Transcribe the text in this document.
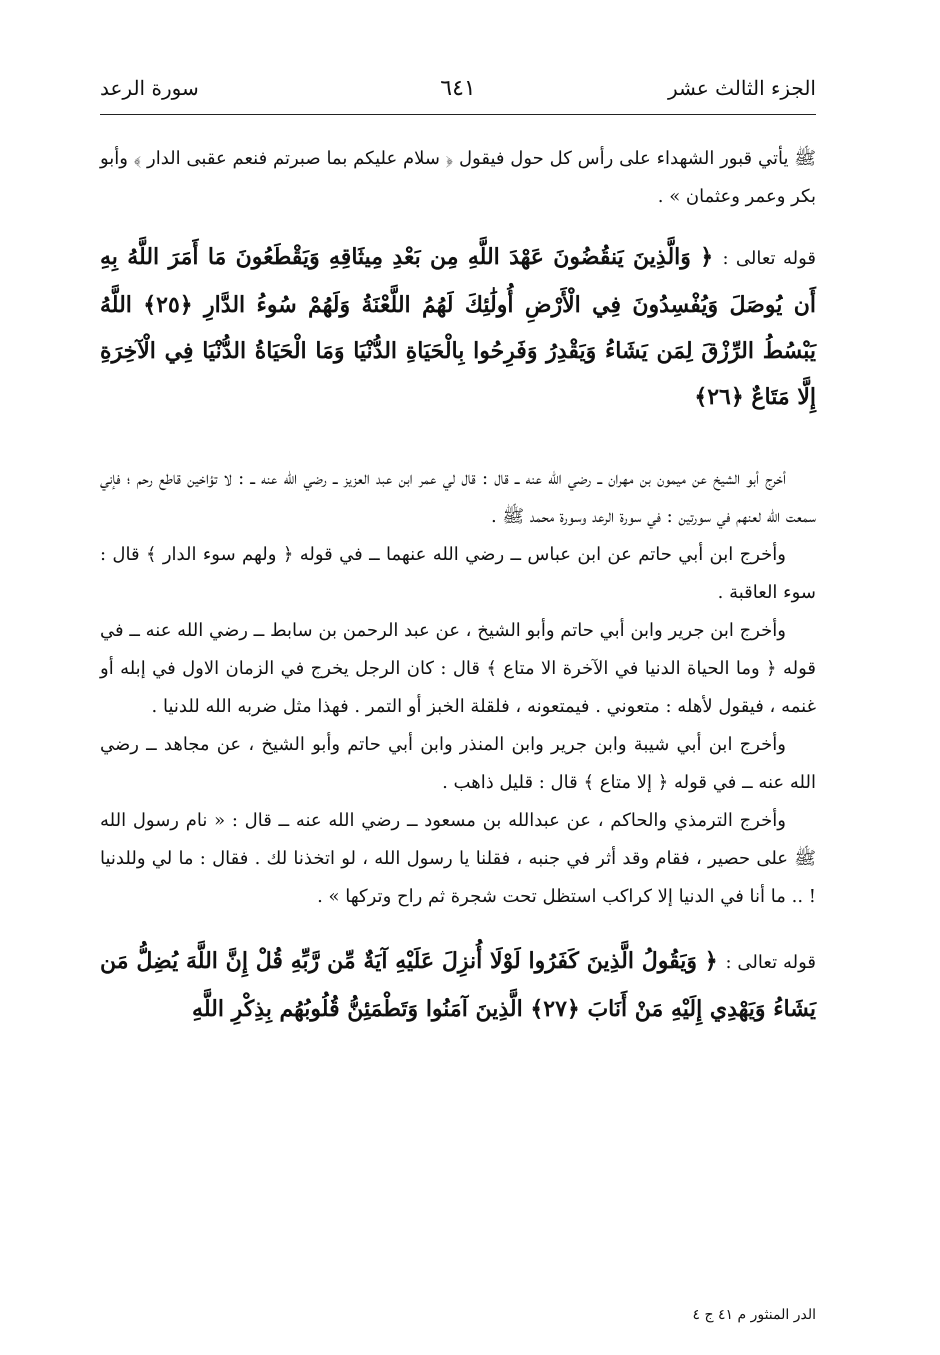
الجزء الثالث عشر
٦٤١
سورة الرعد

ﷺ يأتي قبور الشهداء على رأس كل حول فيقول ﴿ سلام عليكم بما صبرتم فنعم عقبى الدار ﴾ وأبو بكر وعمر وعثمان » .

قوله تعالى : ﴿ وَالَّذِينَ يَنقُضُونَ عَهْدَ اللَّهِ مِن بَعْدِ مِيثَاقِهِ وَيَقْطَعُونَ مَا أَمَرَ اللَّهُ بِهِ أَن يُوصَلَ وَيُفْسِدُونَ فِي الْأَرْضِ أُولَٰئِكَ لَهُمُ اللَّعْنَةُ وَلَهُمْ سُوءُ الدَّارِ ﴿٢٥﴾ اللَّهُ يَبْسُطُ الرِّزْقَ لِمَن يَشَاءُ وَيَقْدِرُ وَفَرِحُوا بِالْحَيَاةِ الدُّنْيَا وَمَا الْحَيَاةُ الدُّنْيَا فِي الْآخِرَةِ إِلَّا مَتَاعٌ ﴿٢٦﴾

أخرج أبو الشيخ عن ميمون بن مهران ــ رضي الله عنه ــ قال : قال لي عمر ابن عبد العزيز ــ رضي الله عنه ــ : لا تؤاخين قاطع رحم ؛ فإني سمعت الله لعنهم في سورتين : في سورة الرعد وسورة محمد ﷺ .

وأخرج ابن أبي حاتم عن ابن عباس ــ رضي الله عنهما ــ في قوله ﴿ ولهم سوء الدار ﴾ قال : سوء العاقبة .

وأخرج ابن جرير وابن أبي حاتم وأبو الشيخ ، عن عبد الرحمن بن سابط ــ رضي الله عنه ــ في قوله ﴿ وما الحياة الدنيا في الآخرة الا متاع ﴾ قال : كان الرجل يخرج في الزمان الاول في إبله أو غنمه ، فيقول لأهله : متعوني . فيمتعونه ، فلقلة الخبز أو التمر . فهذا مثل ضربه الله للدنيا .

وأخرج ابن أبي شيبة وابن جرير وابن المنذر وابن أبي حاتم وأبو الشيخ ، عن مجاهد ــ رضي الله عنه ــ في قوله ﴿ إلا متاع ﴾ قال : قليل ذاهب .

وأخرج الترمذي والحاكم ، عن عبدالله بن مسعود ــ رضي الله عنه ــ قال : « نام رسول الله ﷺ على حصير ، فقام وقد أثر في جنبه ، فقلنا يا رسول الله ، لو اتخذنا لك . فقال : ما لي وللدنيا ! .. ما أنا في الدنيا إلا كراكب استظل تحت شجرة ثم راح وتركها » .

قوله تعالى : ﴿ وَيَقُولُ الَّذِينَ كَفَرُوا لَوْلَا أُنزِلَ عَلَيْهِ آيَةٌ مِّن رَّبِّهِ قُلْ إِنَّ اللَّهَ يُضِلُّ مَن يَشَاءُ وَيَهْدِي إِلَيْهِ مَنْ أَنَابَ ﴿٢٧﴾ الَّذِينَ آمَنُوا وَتَطْمَئِنُّ قُلُوبُهُم بِذِكْرِ اللَّهِ
الدر المنثور م ٤١ ج ٤
